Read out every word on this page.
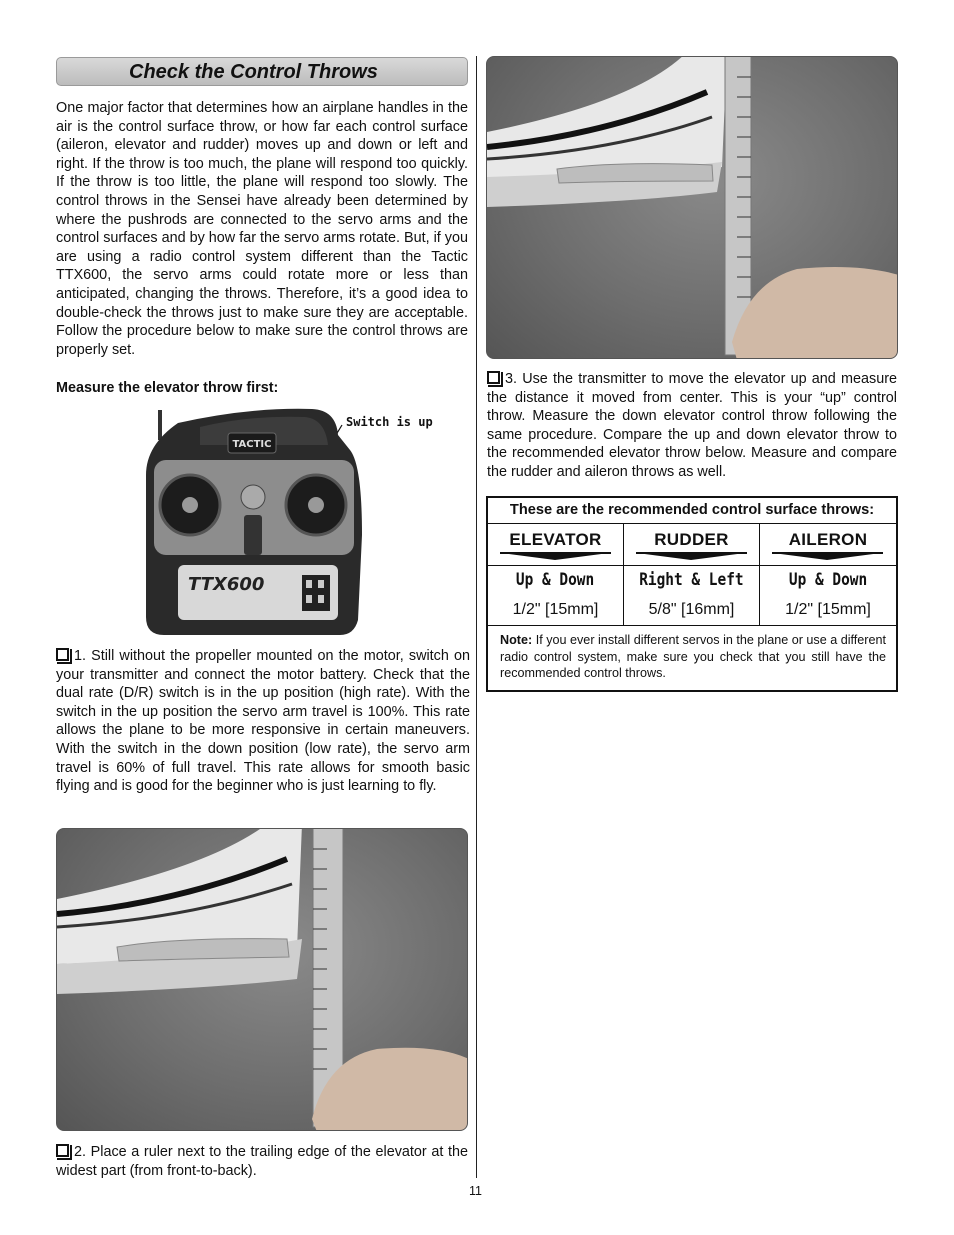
Check the Control Throws

One major factor that determines how an airplane handles in the air is the control surface throw, or how far each control surface (aileron, elevator and rudder) moves up and down or left and right. If the throw is too much, the plane will respond too quickly. If the throw is too little, the plane will respond too slowly. The control throws in the Sensei have already been determined by where the pushrods are connected to the servo arms and the control surfaces and by how far the servo arms rotate. But, if you are using a radio control system different than the Tactic TTX600, the servo arms could rotate more or less than anticipated, changing the throws. Therefore, it’s a good idea to double-check the throws just to make sure they are acceptable. Follow the procedure below to make sure the control throws are properly set.

Measure the elevator throw first:
TACTIC
TTX600
Switch is up

1. Still without the propeller mounted on the motor, switch on your transmitter and connect the motor battery. Check that the dual rate (D/R) switch is in the up position (high rate). With the switch in the up position the servo arm travel is 100%. This rate allows the plane to be more responsive in certain maneuvers. With the switch in the down position (low rate), the servo arm travel is 60% of full travel. This rate allows for smooth basic flying and is good for the beginner who is just learning to fly.

2. Place a ruler next to the trailing edge of the elevator at the widest part (from front-to-back).

3. Use the transmitter to move the elevator up and measure the distance it moved from center. This is your “up” control throw. Measure the down elevator control throw following the same procedure. Compare the up and down elevator throw to the recommended elevator throw below. Measure and compare the rudder and aileron throws as well.

These are the recommended control surface throws:
ELEVATOR
Up & Down
1/2" [15mm]
RUDDER
Right & Left
5/8" [16mm]
AILERON
Up & Down
1/2" [15mm]

Note: If you ever install different servos in the plane or use a different radio control system, make sure you check that you still have the recommended control throws.

11
